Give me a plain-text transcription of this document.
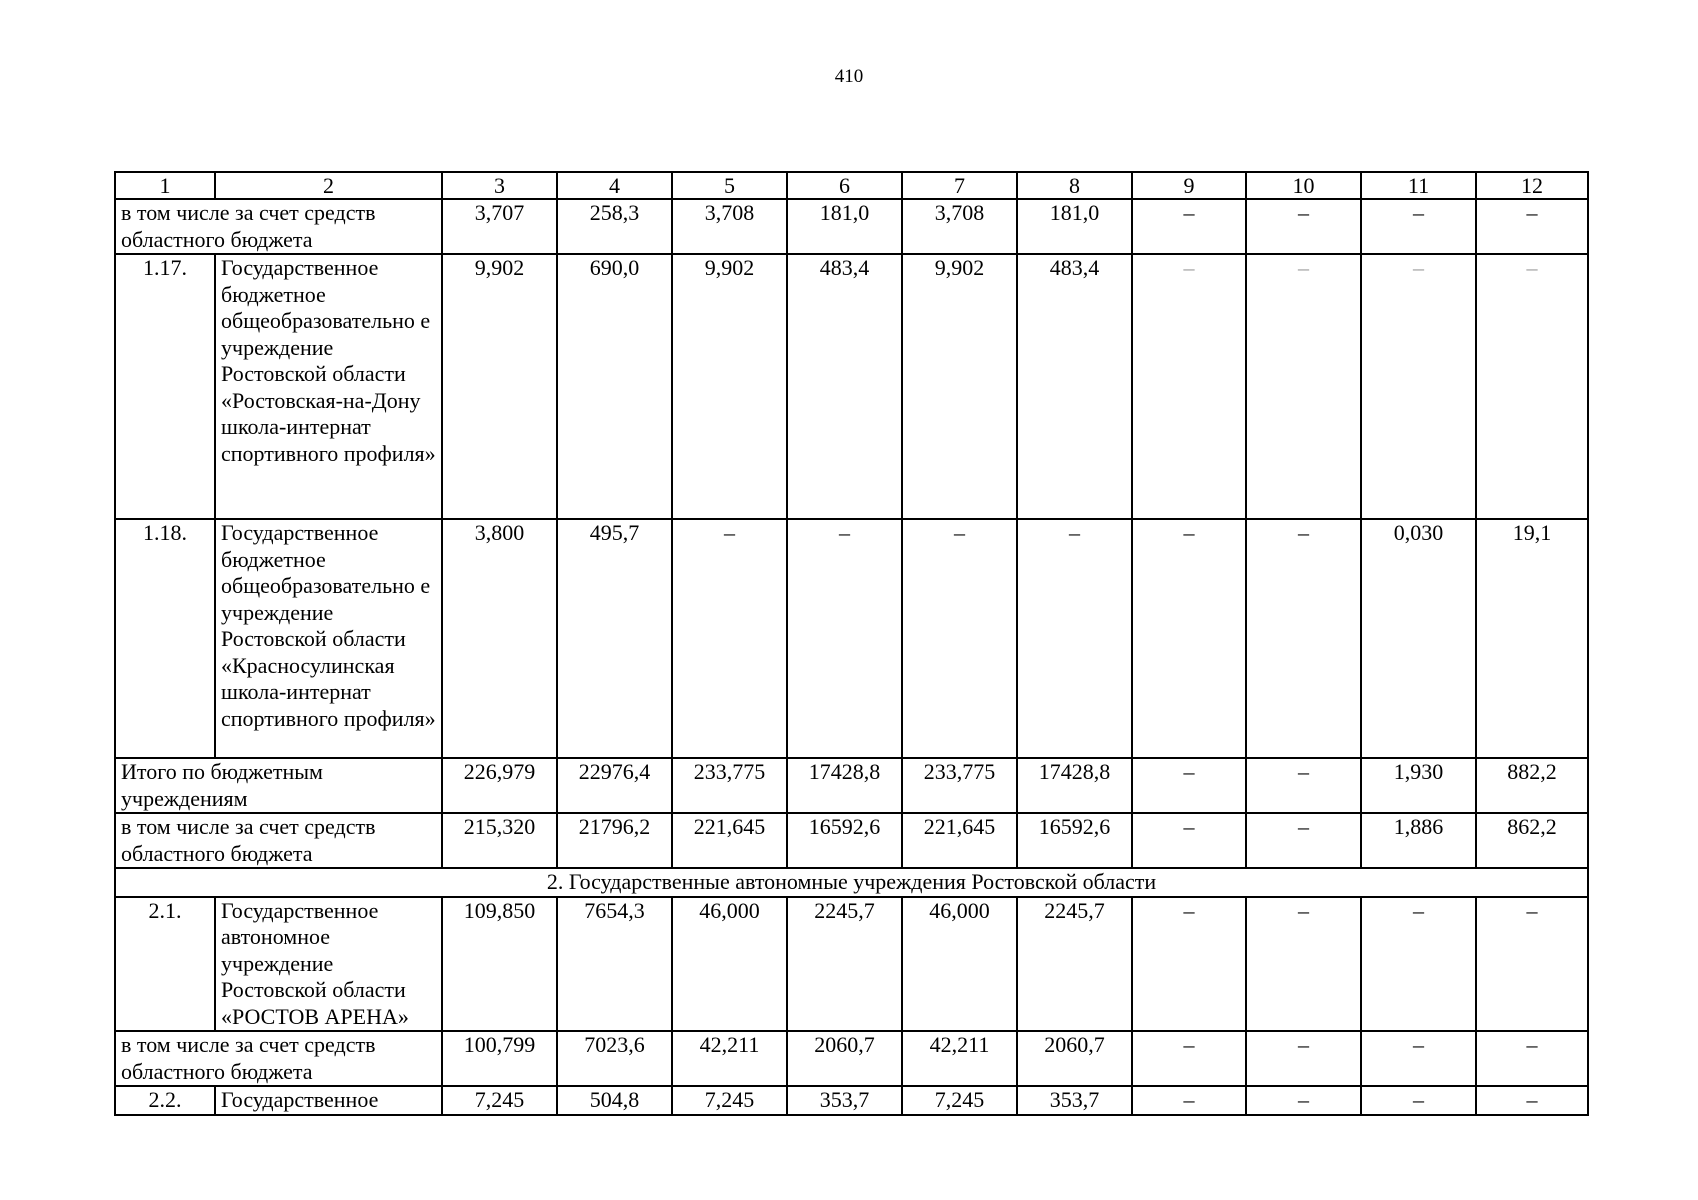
410
1	2	3	4	5	6	7	8	9	10	11	12
в том числе за счет средств областного бюджета		3,707	258,3	3,708	181,0	3,708	181,0	–	–	–	–
1.17.	Государственное бюджетное общеобразовательно е учреждение Ростовской области «Ростовская-на-Дону школа-интернат спортивного профиля»	9,902	690,0	9,902	483,4	9,902	483,4	–	–	–	–
1.18.	Государственное бюджетное общеобразовательно е учреждение Ростовской области «Красносулинская школа-интернат спортивного профиля»	3,800	495,7	–	–	–	–	–	–	0,030	19,1
Итого по бюджетным учреждениям		226,979	22976,4	233,775	17428,8	233,775	17428,8	–	–	1,930	882,2
в том числе за счет средств областного бюджета		215,320	21796,2	221,645	16592,6	221,645	16592,6	–	–	1,886	862,2
2. Государственные автономные учреждения Ростовской области											
2.1.	Государственное автономное учреждение Ростовской области «РОСТОВ АРЕНА»	109,850	7654,3	46,000	2245,7	46,000	2245,7	–	–	–	–
в том числе за счет средств областного бюджета		100,799	7023,6	42,211	2060,7	42,211	2060,7	–	–	–	–
2.2.	Государственное	7,245	504,8	7,245	353,7	7,245	353,7	–	–	–	–
